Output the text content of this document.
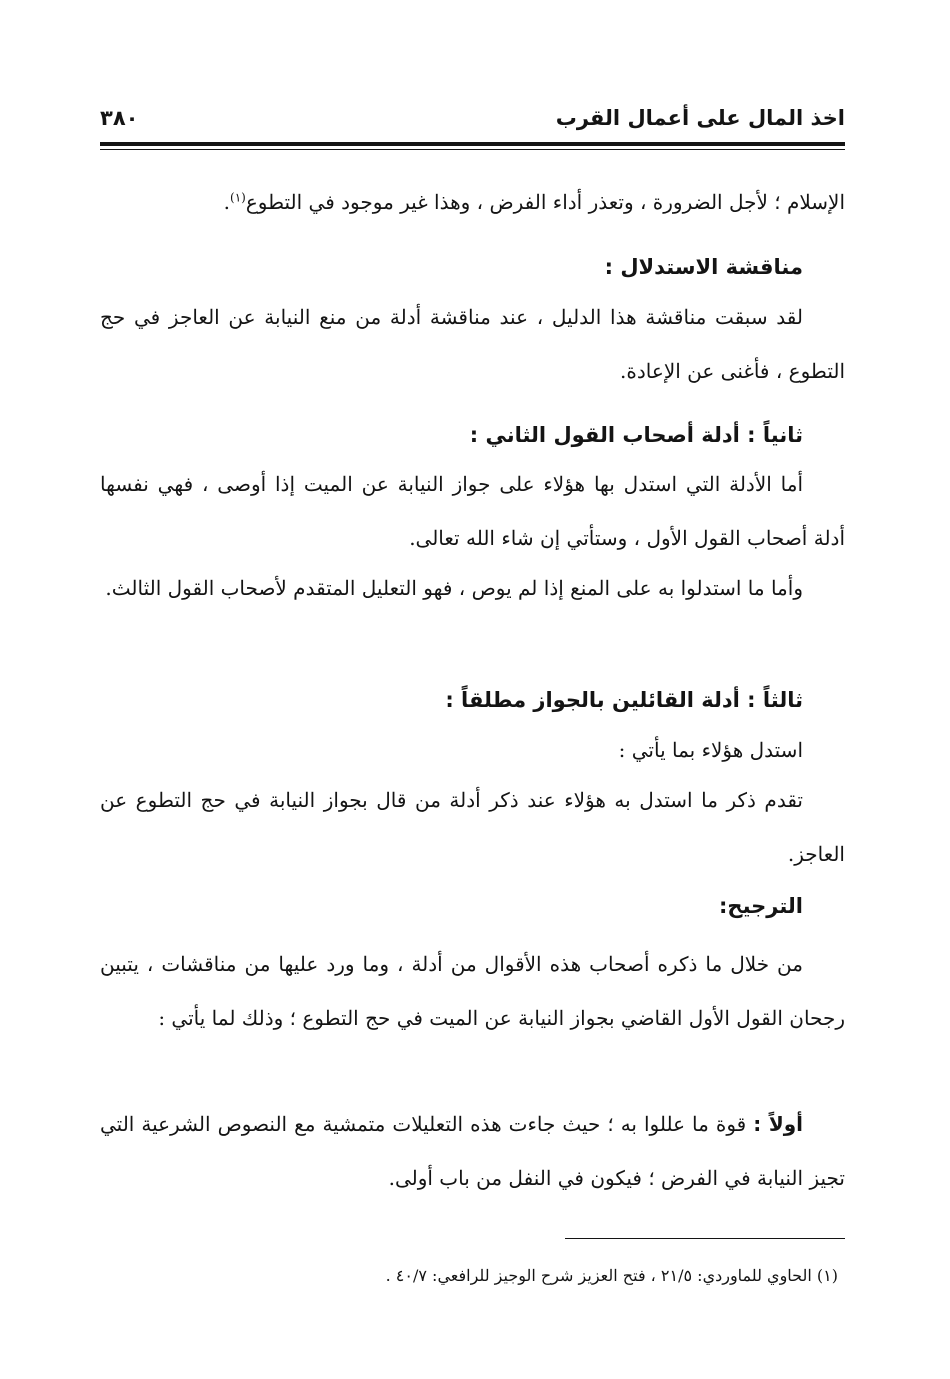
اخذ المال على أعمال القرب
٣٨٠

الإسلام ؛ لأجل الضرورة ، وتعذر أداء الفرض ، وهذا غير موجود في التطوع$^{(١)}$.

مناقشة الاستدلال :

لقد سبقت مناقشة هذا الدليل ، عند مناقشة أدلة من منع النيابة عن العاجز في حج التطوع ، فأغنى عن الإعادة.

ثانياً : أدلة أصحاب القول الثاني :

أما الأدلة التي استدل بها هؤلاء على جواز النيابة عن الميت إذا أوصى ، فهي نفسها أدلة أصحاب القول الأول ، وستأتي إن شاء الله تعالى.

وأما ما استدلوا به على المنع إذا لم يوص ، فهو التعليل المتقدم لأصحاب القول الثالث.

ثالثاً : أدلة القائلين بالجواز مطلقاً :

استدل هؤلاء بما يأتي :

تقدم ذكر ما استدل به هؤلاء عند ذكر أدلة من قال بجواز النيابة في حج التطوع عن العاجز.

الترجيح:

من خلال ما ذكره أصحاب هذه الأقوال من أدلة ، وما ورد عليها من مناقشات ، يتبين رجحان القول الأول القاضي بجواز النيابة عن الميت في حج التطوع ؛ وذلك لما يأتي :

أولاً : قوة ما عللوا به ؛ حيث جاءت هذه التعليلات متمشية مع النصوص الشرعية التي تجيز النيابة في الفرض ؛ فيكون في النفل من باب أولى.

(١) الحاوي للماوردي: ٢١/٥ ، فتح العزيز شرح الوجيز للرافعي: ٤٠/٧ .
